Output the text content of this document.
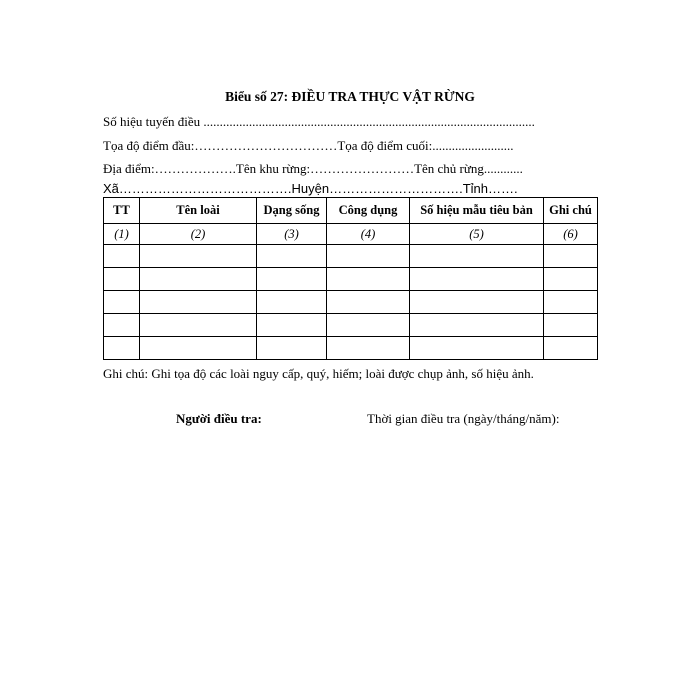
Biểu số 27: ĐIỀU TRA THỰC VẬT RỪNG
Số hiệu tuyến điều ......................................................................................................
Tọa độ điểm đầu:……………………………Tọa độ điểm cuối:.........................
Địa điểm:……………….Tên khu rừng:……………………Tên chủ rừng............
Xã………………………………….Huyện………………………….Tỉnh…….
TT	Tên loài	Dạng sống	Công dụng	Số hiệu mẫu tiêu bản	Ghi chú
(1)	(2)	(3)	(4)	(5)	(6)

Ghi chú: Ghi tọa độ các loài nguy cấp, quý, hiếm; loài được chụp ảnh, số hiệu ảnh.
Người điều tra:	Thời gian điều tra (ngày/tháng/năm):
